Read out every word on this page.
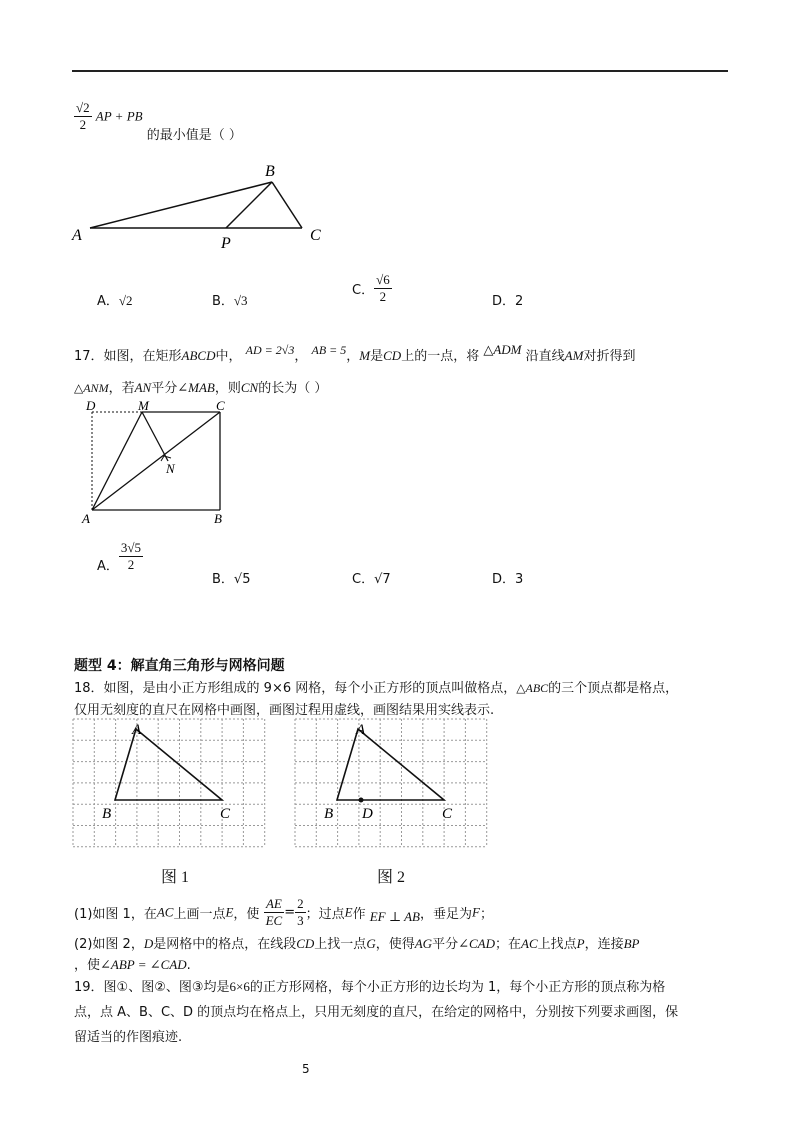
$\frac{√2}{2}$ AP + PB 的最小值是（ ）
A
B
C
P
A．√2	B．√3
C． $\frac{√6}{2}$	D．2
17．如图，在矩形ABCD中， AD = 2√3， AB = 5，M是CD上的一点，将 △ADM 沿直线AM对折得到
△ANM，若AN平分∠MAB，则CN的长为（ ）
D	M	C
N
A	B
A． $\frac{3√5}{2}$
B．√5	C．√7	D．3
题型 4：解直角三角形与网格问题
18．如图，是由小正方形组成的 9×6 网格，每个小正方形的顶点叫做格点，△ABC的三个顶点都是格点，
仅用无刻度的直尺在网格中画图，画图过程用虚线，画图结果用实线表示.
A
B	C
A
B D	C
图 1	图 2
(1)如图 1，在AC上画一点E，使 $\frac{AE}{EC} = \frac{2}{3}$ ；过点E作 EF ⊥ AB，垂足为F；
(2)如图 2，D是网格中的格点，在线段CD上找一点G，使得AG平分∠CAD；在AC上找点P，连接BP
，使∠ABP = ∠CAD.
19．图①、图②、图③均是6×6的正方形网格，每个小正方形的边长均为 1，每个小正方形的顶点称为格
点，点 A、B、C、D 的顶点均在格点上，只用无刻度的直尺，在给定的网格中，分别按下列要求画图，保
留适当的作图痕迹.
5
